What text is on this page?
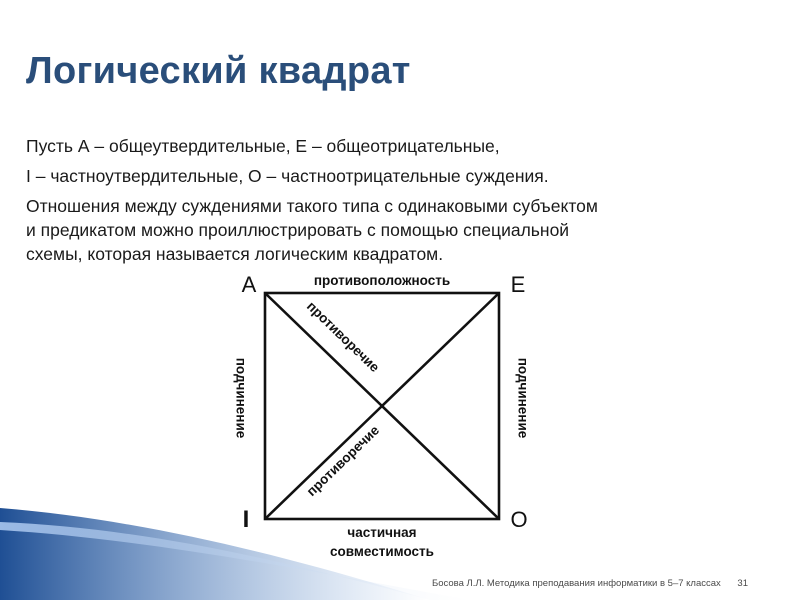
Логический квадрат

Пусть А – общеутвердительные, Е – общеотрицательные,

I – частноутвердительные, О – частноотрицательные суждения.

Отношения между суждениями такого типа с одинаковыми субъектом

и предикатом можно проиллюстрировать с помощью специальной

схемы, которая называется логическим квадратом.

A	E
I	O
противоположность
подчинение	подчинение
противоречие
противоречие
частичная
совместимость
Босова Л.Л. Методика преподавания информатики в 5–7 классах 31
